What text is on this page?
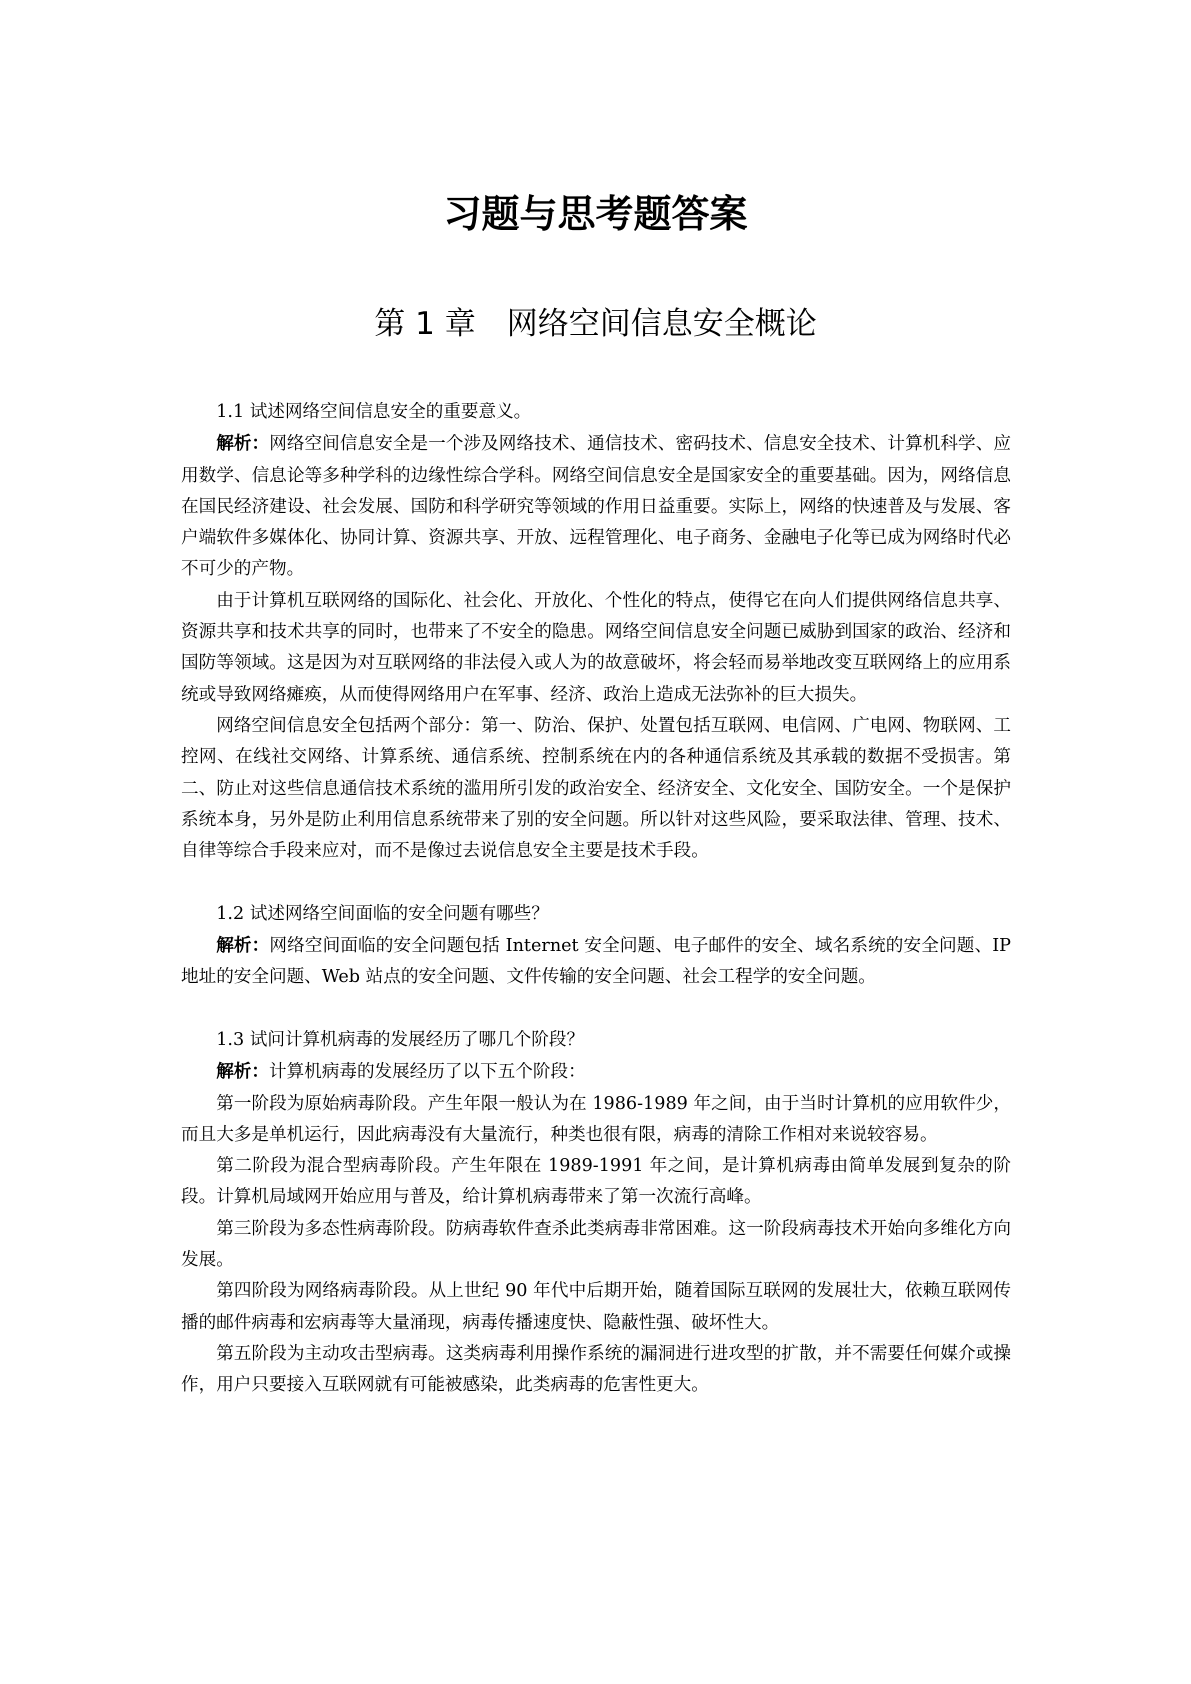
习题与思考题答案
第 1 章　网络空间信息安全概论

1.1 试述网络空间信息安全的重要意义。

解析：网络空间信息安全是一个涉及网络技术、通信技术、密码技术、信息安全技术、计算机科学、应用数学、信息论等多种学科的边缘性综合学科。网络空间信息安全是国家安全的重要基础。因为，网络信息在国民经济建设、社会发展、国防和科学研究等领域的作用日益重要。实际上，网络的快速普及与发展、客户端软件多媒体化、协同计算、资源共享、开放、远程管理化、电子商务、金融电子化等已成为网络时代必不可少的产物。

由于计算机互联网络的国际化、社会化、开放化、个性化的特点，使得它在向人们提供网络信息共享、资源共享和技术共享的同时，也带来了不安全的隐患。网络空间信息安全问题已威胁到国家的政治、经济和国防等领域。这是因为对互联网络的非法侵入或人为的故意破坏，将会轻而易举地改变互联网络上的应用系统或导致网络瘫痪，从而使得网络用户在军事、经济、政治上造成无法弥补的巨大损失。

网络空间信息安全包括两个部分：第一、防治、保护、处置包括互联网、电信网、广电网、物联网、工控网、在线社交网络、计算系统、通信系统、控制系统在内的各种通信系统及其承载的数据不受损害。第二、防止对这些信息通信技术系统的滥用所引发的政治安全、经济安全、文化安全、国防安全。一个是保护系统本身，另外是防止利用信息系统带来了别的安全问题。所以针对这些风险，要采取法律、管理、技术、自律等综合手段来应对，而不是像过去说信息安全主要是技术手段。

1.2 试述网络空间面临的安全问题有哪些？

解析：网络空间面临的安全问题包括 Internet 安全问题、电子邮件的安全、域名系统的安全问题、IP 地址的安全问题、Web 站点的安全问题、文件传输的安全问题、社会工程学的安全问题。

1.3 试问计算机病毒的发展经历了哪几个阶段？

解析：计算机病毒的发展经历了以下五个阶段：

第一阶段为原始病毒阶段。产生年限一般认为在 1986-1989 年之间，由于当时计算机的应用软件少，而且大多是单机运行，因此病毒没有大量流行，种类也很有限，病毒的清除工作相对来说较容易。

第二阶段为混合型病毒阶段。产生年限在 1989-1991 年之间，是计算机病毒由简单发展到复杂的阶段。计算机局域网开始应用与普及，给计算机病毒带来了第一次流行高峰。

第三阶段为多态性病毒阶段。防病毒软件查杀此类病毒非常困难。这一阶段病毒技术开始向多维化方向发展。

第四阶段为网络病毒阶段。从上世纪 90 年代中后期开始，随着国际互联网的发展壮大，依赖互联网传播的邮件病毒和宏病毒等大量涌现，病毒传播速度快、隐蔽性强、破坏性大。

第五阶段为主动攻击型病毒。这类病毒利用操作系统的漏洞进行进攻型的扩散，并不需要任何媒介或操作，用户只要接入互联网就有可能被感染，此类病毒的危害性更大。
